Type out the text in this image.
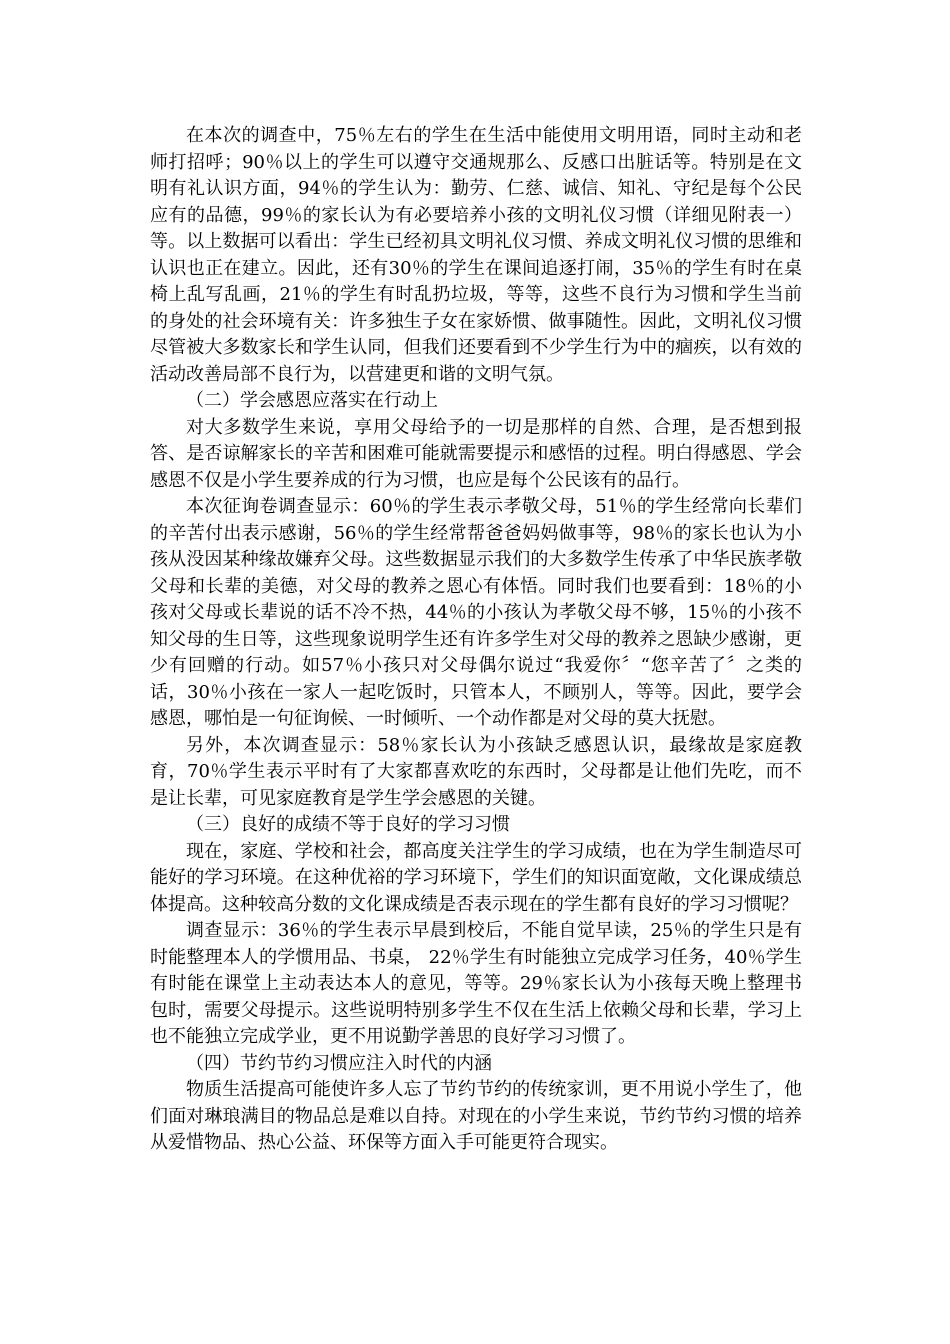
在本次的调查中，75％左右的学生在生活中能使用文明用语，同时主动和老师打招呼；90％以上的学生可以遵守交通规那么、反感口出脏话等。特别是在文明有礼认识方面，94％的学生认为：勤劳、仁慈、诚信、知礼、守纪是每个公民应有的品德，99％的家长认为有必要培养小孩的文明礼仪习惯（详细见附表一）等。以上数据可以看出：学生已经初具文明礼仪习惯、养成文明礼仪习惯的思维和认识也正在建立。因此，还有30％的学生在课间追逐打闹，35％的学生有时在桌椅上乱写乱画，21％的学生有时乱扔垃圾，等等，这些不良行为习惯和学生当前的身处的社会环境有关：许多独生子女在家娇惯、做事随性。因此，文明礼仪习惯尽管被大多数家长和学生认同，但我们还要看到不少学生行为中的痼疾，以有效的活动改善局部不良行为，以营建更和谐的文明气氛。

（二）学会感恩应落实在行动上

对大多数学生来说，享用父母给予的一切是那样的自然、合理，是否想到报答、是否谅解家长的辛苦和困难可能就需要提示和感悟的过程。明白得感恩、学会感恩不仅是小学生要养成的行为习惯，也应是每个公民该有的品行。

本次征询卷调查显示：60％的学生表示孝敬父母，51％的学生经常向长辈们的辛苦付出表示感谢，56％的学生经常帮爸爸妈妈做事等，98％的家长也认为小孩从没因某种缘故嫌弃父母。这些数据显示我们的大多数学生传承了中华民族孝敬父母和长辈的美德，对父母的教养之恩心有体悟。同时我们也要看到：18％的小孩对父母或长辈说的话不冷不热，44％的小孩认为孝敬父母不够，15％的小孩不知父母的生日等，这些现象说明学生还有许多学生对父母的教养之恩缺少感谢，更少有回赠的行动。如57％小孩只对父母偶尔说过“我爱你〞“您辛苦了〞之类的话，30％小孩在一家人一起吃饭时，只管本人，不顾别人，等等。因此，要学会感恩，哪怕是一句征询候、一时倾听、一个动作都是对父母的莫大抚慰。

另外，本次调查显示：58％家长认为小孩缺乏感恩认识，最缘故是家庭教育，70％学生表示平时有了大家都喜欢吃的东西时，父母都是让他们先吃，而不是让长辈，可见家庭教育是学生学会感恩的关键。

（三）良好的成绩不等于良好的学习习惯

现在，家庭、学校和社会，都高度关注学生的学习成绩，也在为学生制造尽可能好的学习环境。在这种优裕的学习环境下，学生们的知识面宽敞，文化课成绩总体提高。这种较高分数的文化课成绩是否表示现在的学生都有良好的学习习惯呢？

调查显示：36％的学生表示早晨到校后，不能自觉早读，25％的学生只是有时能整理本人的学惯用品、书桌， 22％学生有时能独立完成学习任务，40％学生有时能在课堂上主动表达本人的意见，等等。29％家长认为小孩每天晚上整理书包时，需要父母提示。这些说明特别多学生不仅在生活上依赖父母和长辈，学习上也不能独立完成学业，更不用说勤学善思的良好学习习惯了。

（四）节约节约习惯应注入时代的内涵

物质生活提高可能使许多人忘了节约节约的传统家训，更不用说小学生了，他们面对琳琅满目的物品总是难以自持。对现在的小学生来说，节约节约习惯的培养从爱惜物品、热心公益、环保等方面入手可能更符合现实。
